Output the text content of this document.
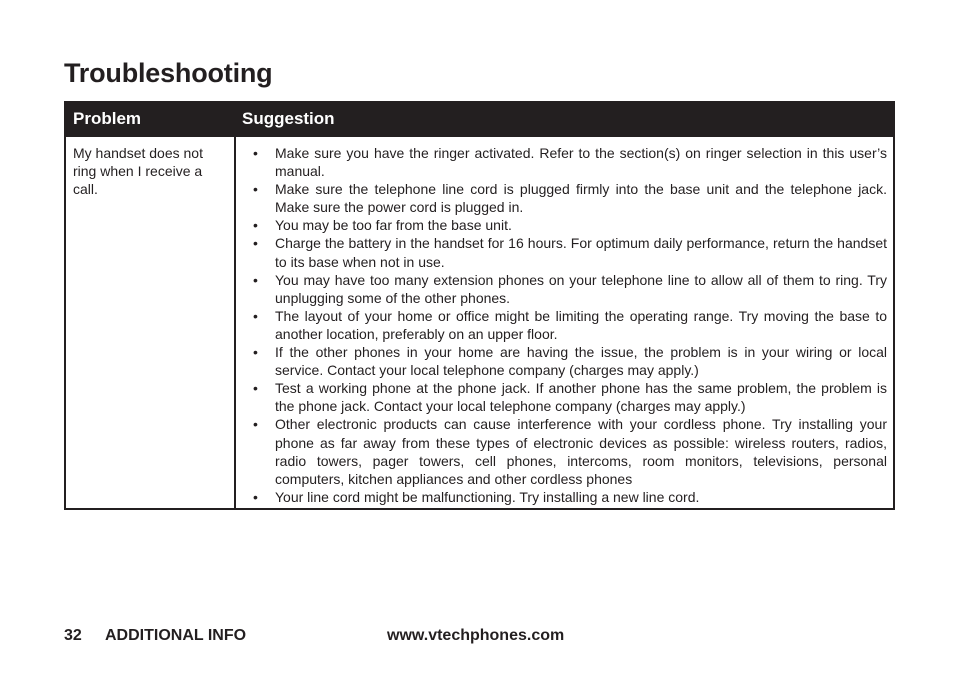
Troubleshooting
Problem	Suggestion
My handset does not ring when I receive a call.
• Make sure you have the ringer activated. Refer to the section(s) on ringer selection in this user’s manual.
• Make sure the telephone line cord is plugged firmly into the base unit and the telephone jack. Make sure the power cord is plugged in.
• You may be too far from the base unit.
• Charge the battery in the handset for 16 hours. For optimum daily performance, return the handset to its base when not in use.
• You may have too many extension phones on your telephone line to allow all of them to ring. Try unplugging some of the other phones.
• The layout of your home or office might be limiting the operating range. Try moving the base to another location, preferably on an upper floor.
• If the other phones in your home are having the issue, the problem is in your wiring or local service. Contact your local telephone company (charges may apply.)
• Test a working phone at the phone jack. If another phone has the same problem, the problem is the phone jack. Contact your local telephone company (charges may apply.)
• Other electronic products can cause interference with your cordless phone. Try installing your phone as far away from these types of electronic devices as possible: wireless routers, radios, radio towers, pager towers, cell phones, intercoms, room monitors, televisions, personal computers, kitchen appliances and other cordless phones
• Your line cord might be malfunctioning. Try installing a new line cord.
32 ADDITIONAL INFO	www.vtechphones.com
